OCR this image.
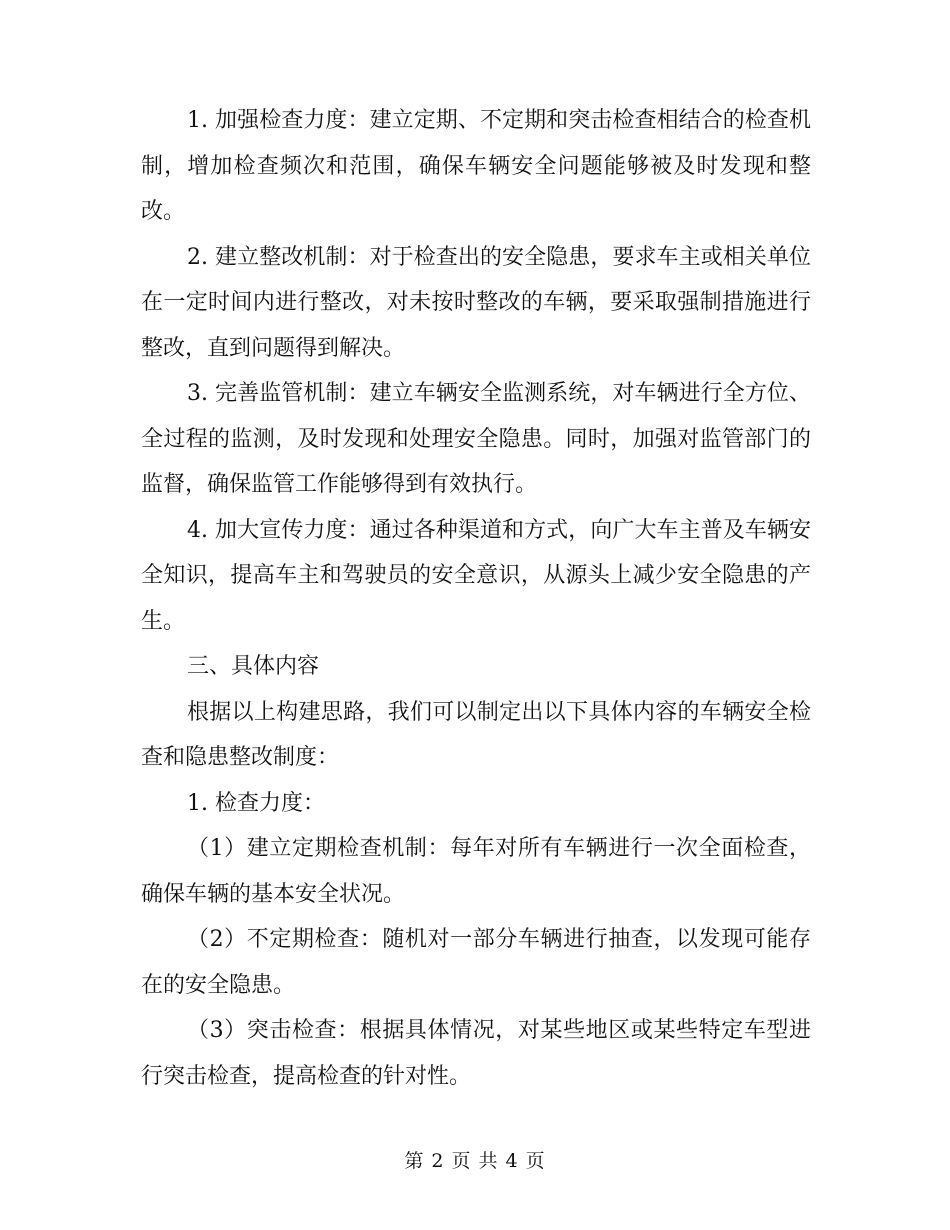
1. 加强检查力度：建立定期、不定期和突击检查相结合的检查机制，增加检查频次和范围，确保车辆安全问题能够被及时发现和整改。

2. 建立整改机制：对于检查出的安全隐患，要求车主或相关单位在一定时间内进行整改，对未按时整改的车辆，要采取强制措施进行整改，直到问题得到解决。

3. 完善监管机制：建立车辆安全监测系统，对车辆进行全方位、全过程的监测，及时发现和处理安全隐患。同时，加强对监管部门的监督，确保监管工作能够得到有效执行。

4. 加大宣传力度：通过各种渠道和方式，向广大车主普及车辆安全知识，提高车主和驾驶员的安全意识，从源头上减少安全隐患的产生。

三、具体内容

根据以上构建思路，我们可以制定出以下具体内容的车辆安全检查和隐患整改制度：

1. 检查力度：

（1）建立定期检查机制：每年对所有车辆进行一次全面检查，确保车辆的基本安全状况。

（2）不定期检查：随机对一部分车辆进行抽查，以发现可能存在的安全隐患。

（3）突击检查：根据具体情况，对某些地区或某些特定车型进行突击检查，提高检查的针对性。

第 2 页 共 4 页
